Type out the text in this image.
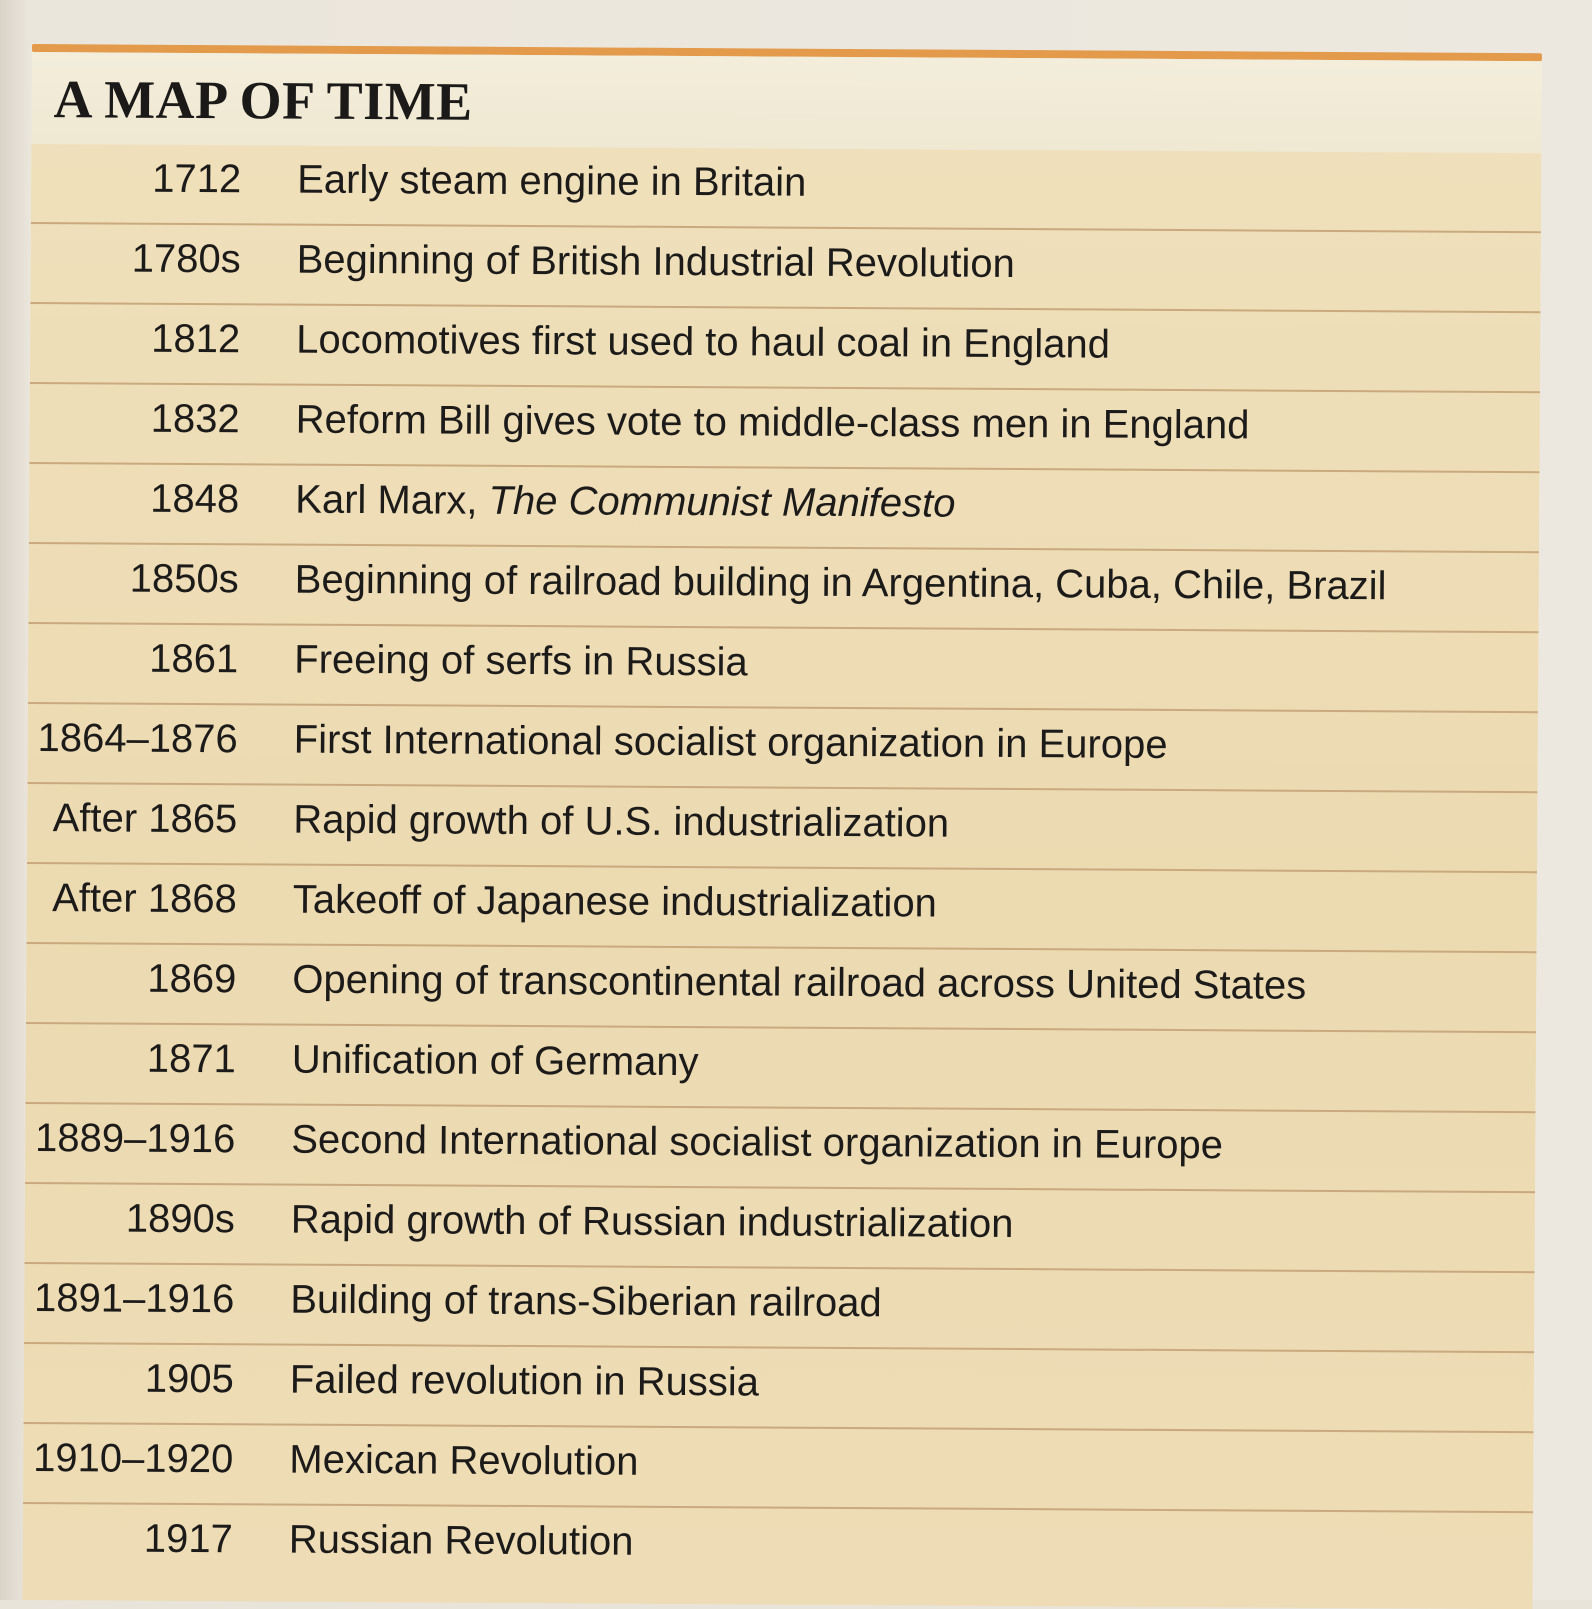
A MAP OF TIME
1712 Early steam engine in Britain
1780s Beginning of British Industrial Revolution
1812 Locomotives first used to haul coal in England
1832 Reform Bill gives vote to middle-class men in England
1848 Karl Marx, The Communist Manifesto
1850s Beginning of railroad building in Argentina, Cuba, Chile, Brazil
1861 Freeing of serfs in Russia
1864–1876 First International socialist organization in Europe
After 1865 Rapid growth of U.S. industrialization
After 1868 Takeoff of Japanese industrialization
1869 Opening of transcontinental railroad across United States
1871 Unification of Germany
1889–1916 Second International socialist organization in Europe
1890s Rapid growth of Russian industrialization
1891–1916 Building of trans-Siberian railroad
1905 Failed revolution in Russia
1910–1920 Mexican Revolution
1917 Russian Revolution
